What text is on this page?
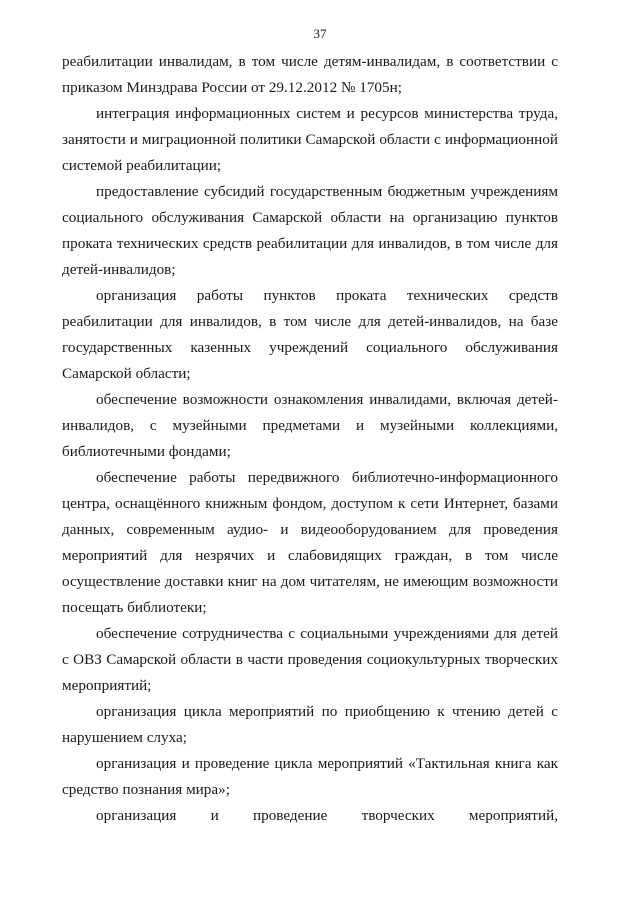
37

реабилитации инвалидам, в том числе детям-инвалидам, в соответствии с приказом Минздрава России от 29.12.2012 № 1705н;

интеграция информационных систем и ресурсов министерства труда, занятости и миграционной политики Самарской области с информационной системой реабилитации;

предоставление субсидий государственным бюджетным учреждениям социального обслуживания Самарской области на организацию пунктов проката технических средств реабилитации для инвалидов, в том числе для детей-инвалидов;

организация работы пунктов проката технических средств реабилитации для инвалидов, в том числе для детей-инвалидов, на базе государственных казенных учреждений социального обслуживания Самарской области;

обеспечение возможности ознакомления инвалидами, включая детей-инвалидов, с музейными предметами и музейными коллекциями, библиотечными фондами;

обеспечение работы передвижного библиотечно-информационного центра, оснащённого книжным фондом, доступом к сети Интернет, базами данных, современным аудио- и видеооборудованием для проведения мероприятий для незрячих и слабовидящих граждан, в том числе осуществление доставки книг на дом читателям, не имеющим возможности посещать библиотеки;

обеспечение сотрудничества с социальными учреждениями для детей с ОВЗ Самарской области в части проведения социокультурных творческих мероприятий;

организация цикла мероприятий по приобщению к чтению детей с нарушением слуха;

организация и проведение цикла мероприятий «Тактильная книга как средство познания мира»;

организация и проведение творческих мероприятий,
